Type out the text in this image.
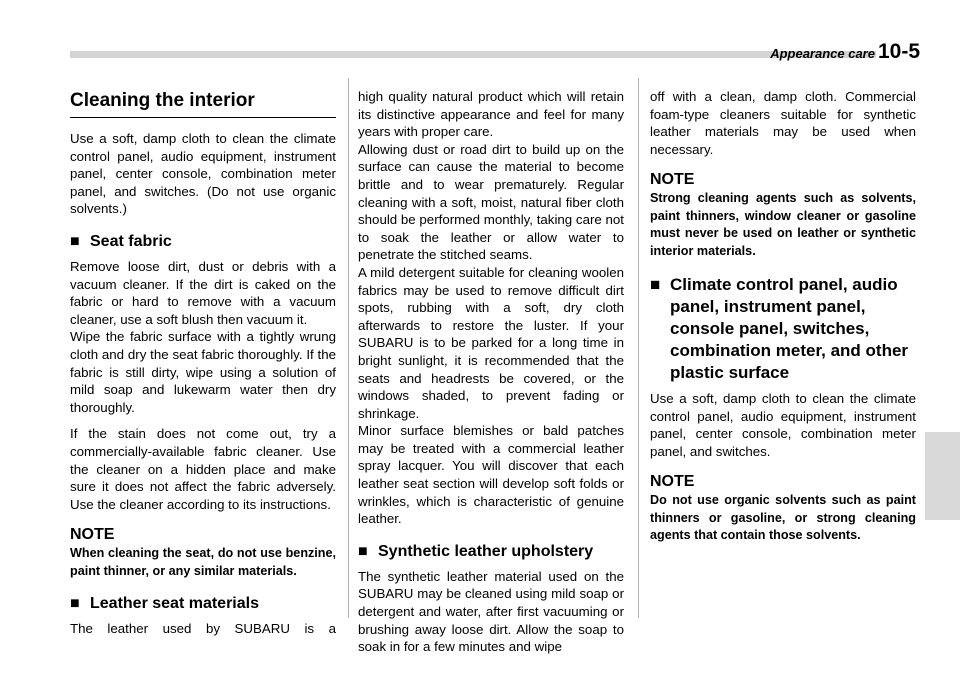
Appearance care 10-5
Cleaning the interior

Use a soft, damp cloth to clean the climate control panel, audio equipment, instrument panel, center console, combination meter panel, and switches. (Do not use organic solvents.)

■ Seat fabric

Remove loose dirt, dust or debris with a vacuum cleaner. If the dirt is caked on the fabric or hard to remove with a vacuum cleaner, use a soft blush then vacuum it.

Wipe the fabric surface with a tightly wrung cloth and dry the seat fabric thoroughly. If the fabric is still dirty, wipe using a solution of mild soap and lukewarm water then dry thoroughly.

If the stain does not come out, try a commercially-available fabric cleaner. Use the cleaner on a hidden place and make sure it does not affect the fabric adversely. Use the cleaner according to its instructions.

NOTE

When cleaning the seat, do not use benzine, paint thinner, or any similar materials.

■ Leather seat materials

The leather used by SUBARU is a

high quality natural product which will retain its distinctive appearance and feel for many years with proper care.

Allowing dust or road dirt to build up on the surface can cause the material to become brittle and to wear prematurely. Regular cleaning with a soft, moist, natural fiber cloth should be performed monthly, taking care not to soak the leather or allow water to penetrate the stitched seams.

A mild detergent suitable for cleaning woolen fabrics may be used to remove difficult dirt spots, rubbing with a soft, dry cloth afterwards to restore the luster. If your SUBARU is to be parked for a long time in bright sunlight, it is recommended that the seats and headrests be covered, or the windows shaded, to prevent fading or shrinkage.

Minor surface blemishes or bald patches may be treated with a commercial leather spray lacquer. You will discover that each leather seat section will develop soft folds or wrinkles, which is characteristic of genuine leather.

■ Synthetic leather upholstery

The synthetic leather material used on the SUBARU may be cleaned using mild soap or detergent and water, after first vacuuming or brushing away loose dirt. Allow the soap to soak in for a few minutes and wipe

off with a clean, damp cloth. Commercial foam-type cleaners suitable for synthetic leather materials may be used when necessary.

NOTE

Strong cleaning agents such as solvents, paint thinners, window cleaner or gasoline must never be used on leather or synthetic interior materials.

■ Climate control panel, audio panel, instrument panel, console panel, switches, combination meter, and other plastic surface

Use a soft, damp cloth to clean the climate control panel, audio equipment, instrument panel, center console, combination meter panel, and switches.

NOTE

Do not use organic solvents such as paint thinners or gasoline, or strong cleaning agents that contain those solvents.
